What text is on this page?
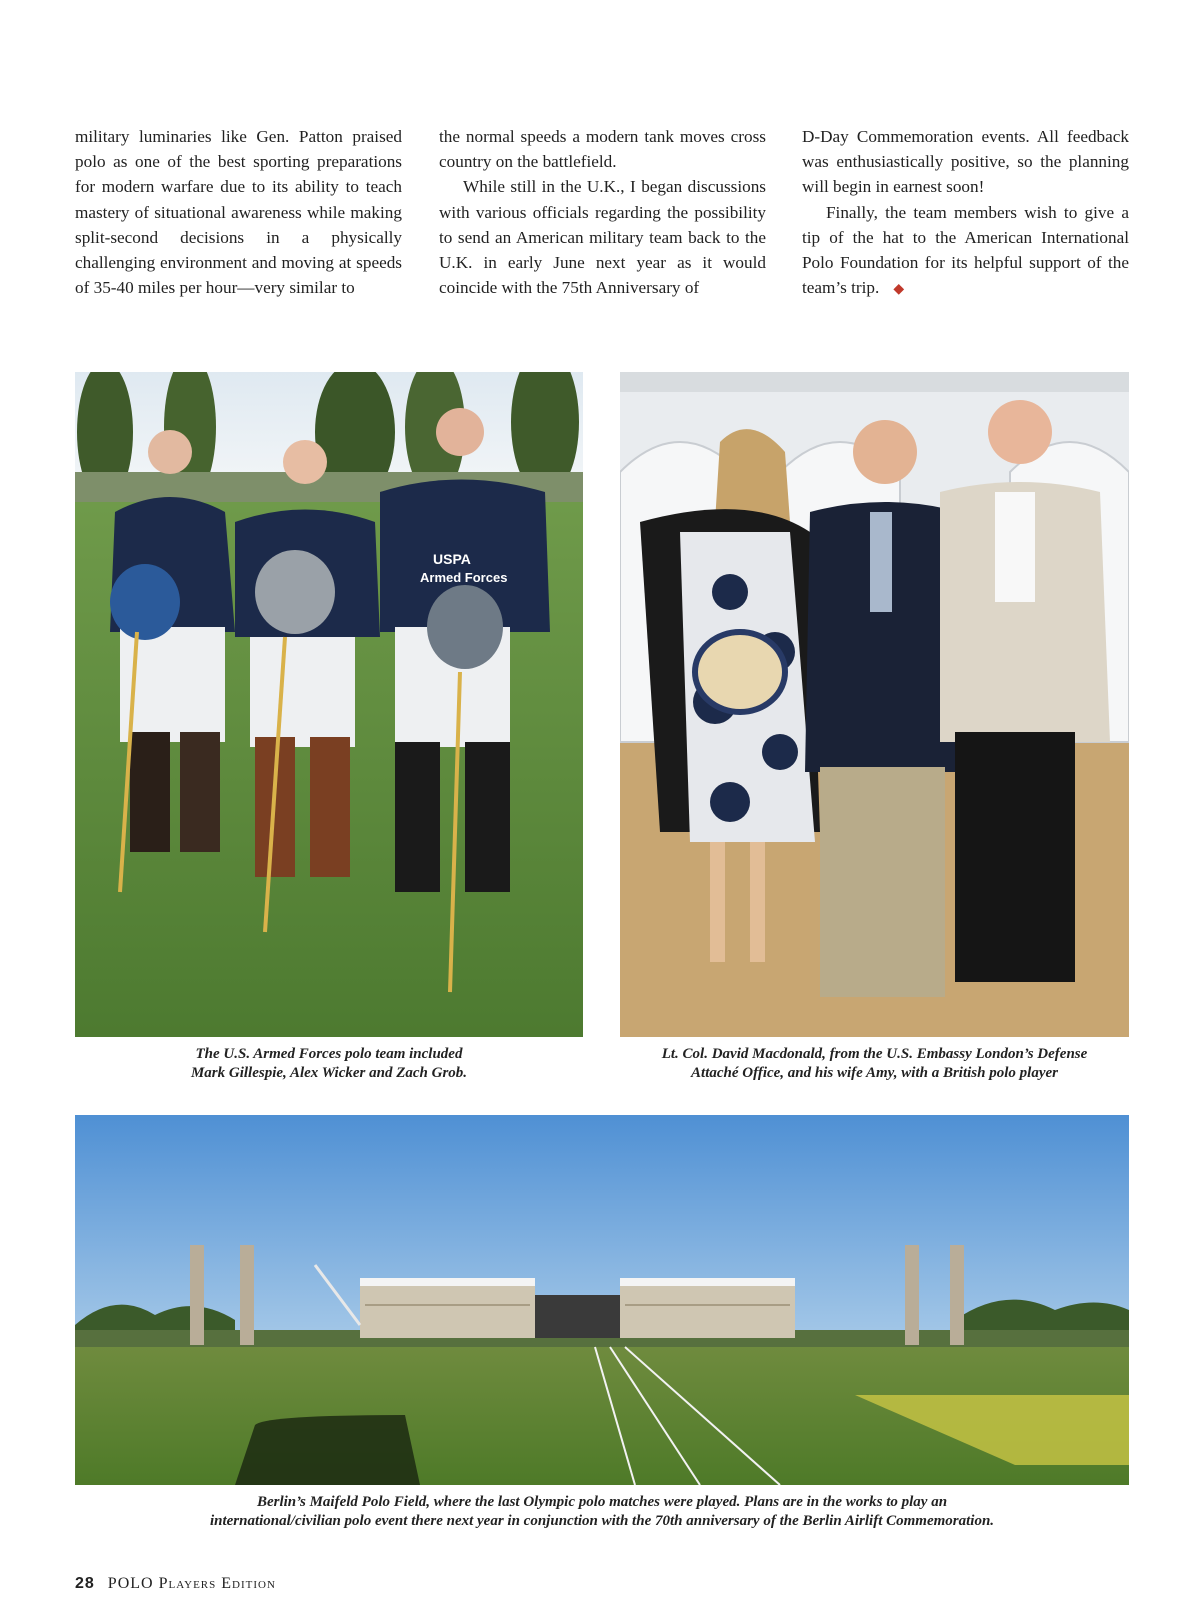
military luminaries like Gen. Patton praised polo as one of the best sporting preparations for modern warfare due to its ability to teach mastery of situational awareness while making split-second decisions in a physically challenging environment and moving at speeds of 35-40 miles per hour—very similar to

the normal speeds a modern tank moves cross country on the battlefield.

While still in the U.K., I began discussions with various officials regarding the possibility to send an American military team back to the U.K. in early June next year as it would coincide with the 75th Anniversary of

D-Day Commemoration events. All feedback was enthusiastically positive, so the planning will begin in earnest soon!

Finally, the team members wish to give a tip of the hat to the American International Polo Foundation for its helpful support of the team’s trip. ◆

USPA
Armed Forces
The U.S. Armed Forces polo team included
Mark Gillespie, Alex Wicker and Zach Grob.
Lt. Col. David Macdonald, from the U.S. Embassy London’s Defense
Attaché Office, and his wife Amy, with a British polo player
Berlin’s Maifeld Polo Field, where the last Olympic polo matches were played. Plans are in the works to play an
international/civilian polo event there next year in conjunction with the 70th anniversary of the Berlin Airlift Commemoration.
28 POLO Players Edition
